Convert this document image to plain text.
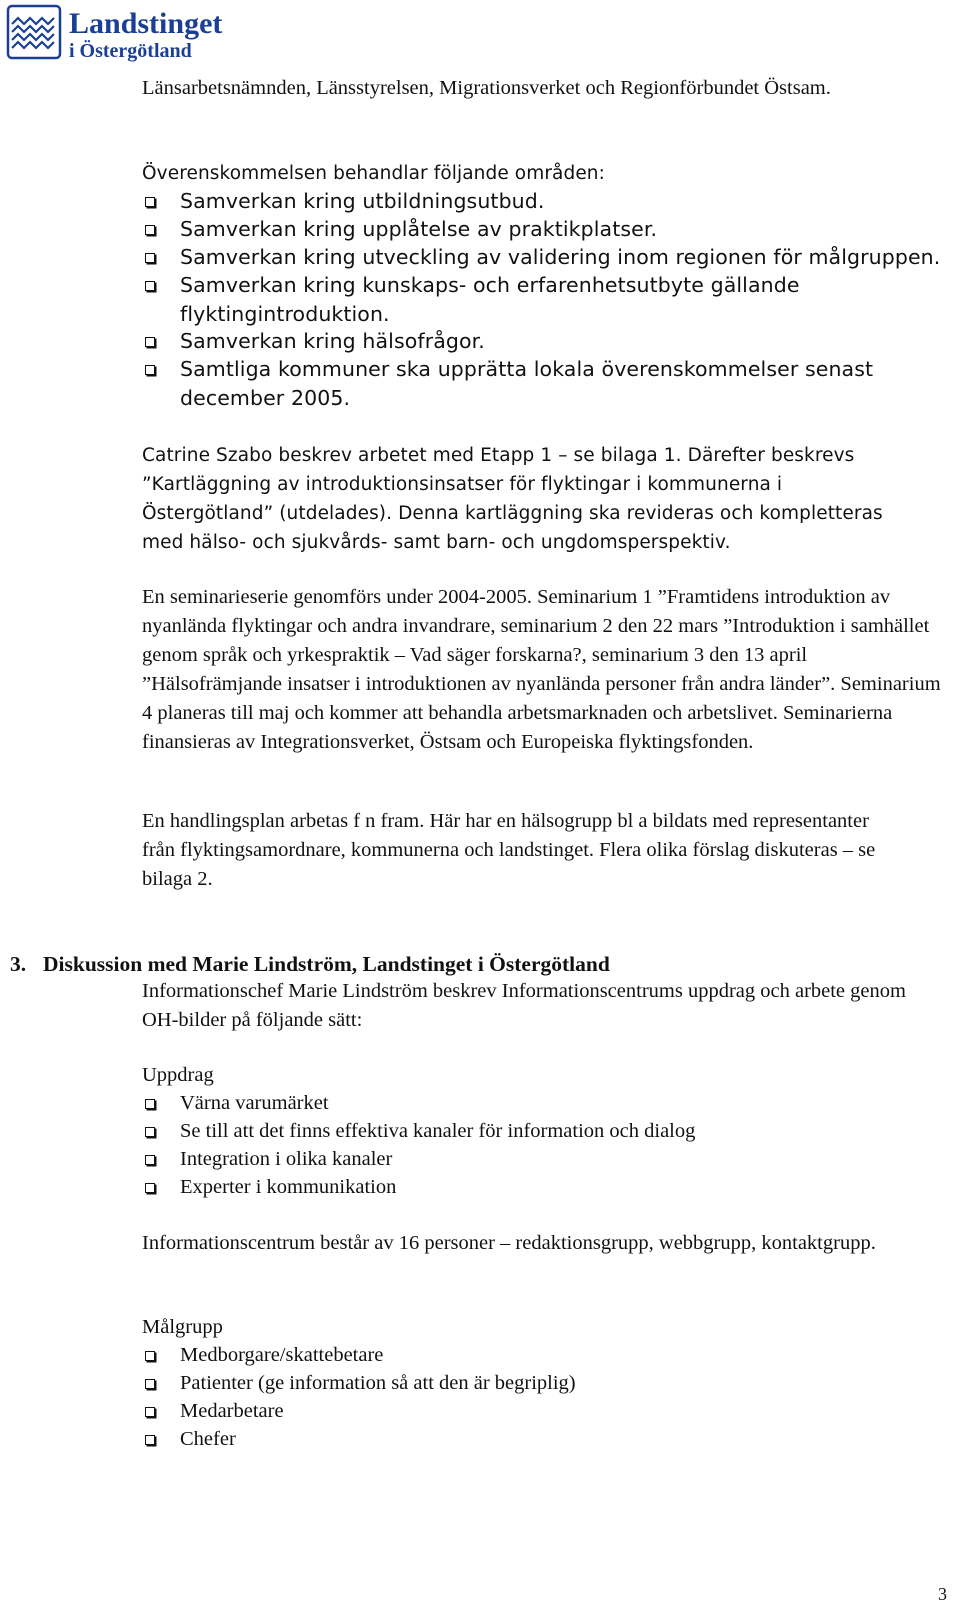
Landstinget
i Östergötland

Länsarbetsnämnden, Länsstyrelsen, Migrationsverket och Regionförbundet Östsam.

Överenskommelsen behandlar följande områden:

Samverkan kring utbildningsutbud.
Samverkan kring upplåtelse av praktikplatser.
Samverkan kring utveckling av validering inom regionen för målgruppen.
Samverkan kring kunskaps- och erfarenhetsutbyte gällande flyktingintroduktion.
Samverkan kring hälsofrågor.
Samtliga kommuner ska upprätta lokala överenskommelser senast december 2005.

Catrine Szabo beskrev arbetet med Etapp 1 – se bilaga 1. Därefter beskrevs ”Kartläggning av introduktionsinsatser för flyktingar i kommunerna i Östergötland” (utdelades). Denna kartläggning ska revideras och kompletteras med hälso- och sjukvårds- samt barn- och ungdomsperspektiv.

En seminarieserie genomförs under 2004-2005. Seminarium 1 ”Framtidens introduktion av nyanlända flyktingar och andra invandrare, seminarium 2 den 22 mars ”Introduktion i samhället genom språk och yrkespraktik – Vad säger forskarna?, seminarium 3 den 13 april ”Hälsofrämjande insatser i introduktionen av nyanlända personer från andra länder”. Seminarium 4 planeras till maj och kommer att behandla arbetsmarknaden och arbetslivet. Seminarierna finansieras av Integrationsverket, Östsam och Europeiska flyktingsfonden.

En handlingsplan arbetas f n fram. Här har en hälsogrupp bl a bildats med representanter från flyktingsamordnare, kommunerna och landstinget. Flera olika förslag diskuteras – se bilaga 2.

3. Diskussion med Marie Lindström, Landstinget i Östergötland

Informationschef Marie Lindström beskrev Informationscentrums uppdrag och arbete genom OH-bilder på följande sätt:

Uppdrag

Värna varumärket
Se till att det finns effektiva kanaler för information och dialog
Integration i olika kanaler
Experter i kommunikation

Informationscentrum består av 16 personer – redaktionsgrupp, webbgrupp, kontaktgrupp.

Målgrupp

Medborgare/skattebetare
Patienter (ge information så att den är begriplig)
Medarbetare
Chefer
3
